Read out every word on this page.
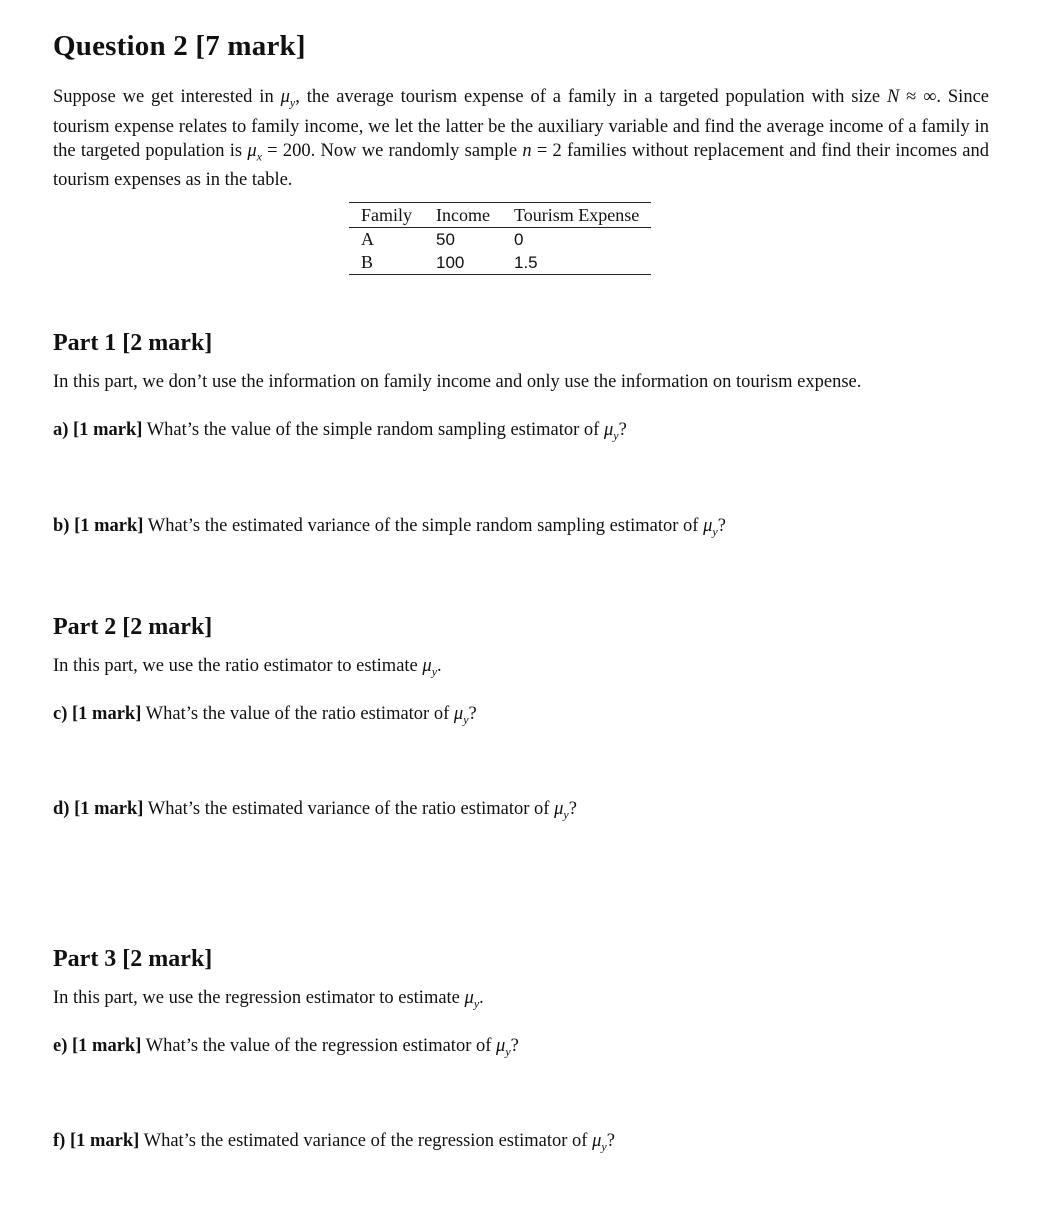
Question 2 [7 mark]

Suppose we get interested in $\mu_y$, the average tourism expense of a family in a targeted population with size N ≈ ∞. Since tourism expense relates to family income, we let the latter be the auxiliary variable and find the average income of a family in the targeted population is $\mu_x = 200$. Now we randomly sample n = 2 families without replacement and find their incomes and tourism expenses as in the table.

Family	Income	Tourism Expense
A	50	0
B	100	1.5
Part 1 [2 mark]

In this part, we don’t use the information on family income and only use the information on tourism expense.

a) [1 mark] What’s the value of the simple random sampling estimator of $\mu_y$?

b) [1 mark] What’s the estimated variance of the simple random sampling estimator of $\mu_y$?

Part 2 [2 mark]

In this part, we use the ratio estimator to estimate $\mu_y$.

c) [1 mark] What’s the value of the ratio estimator of $\mu_y$?

d) [1 mark] What’s the estimated variance of the ratio estimator of $\mu_y$?

Part 3 [2 mark]

In this part, we use the regression estimator to estimate $\mu_y$.

e) [1 mark] What’s the value of the regression estimator of $\mu_y$?

f) [1 mark] What’s the estimated variance of the regression estimator of $\mu_y$?
